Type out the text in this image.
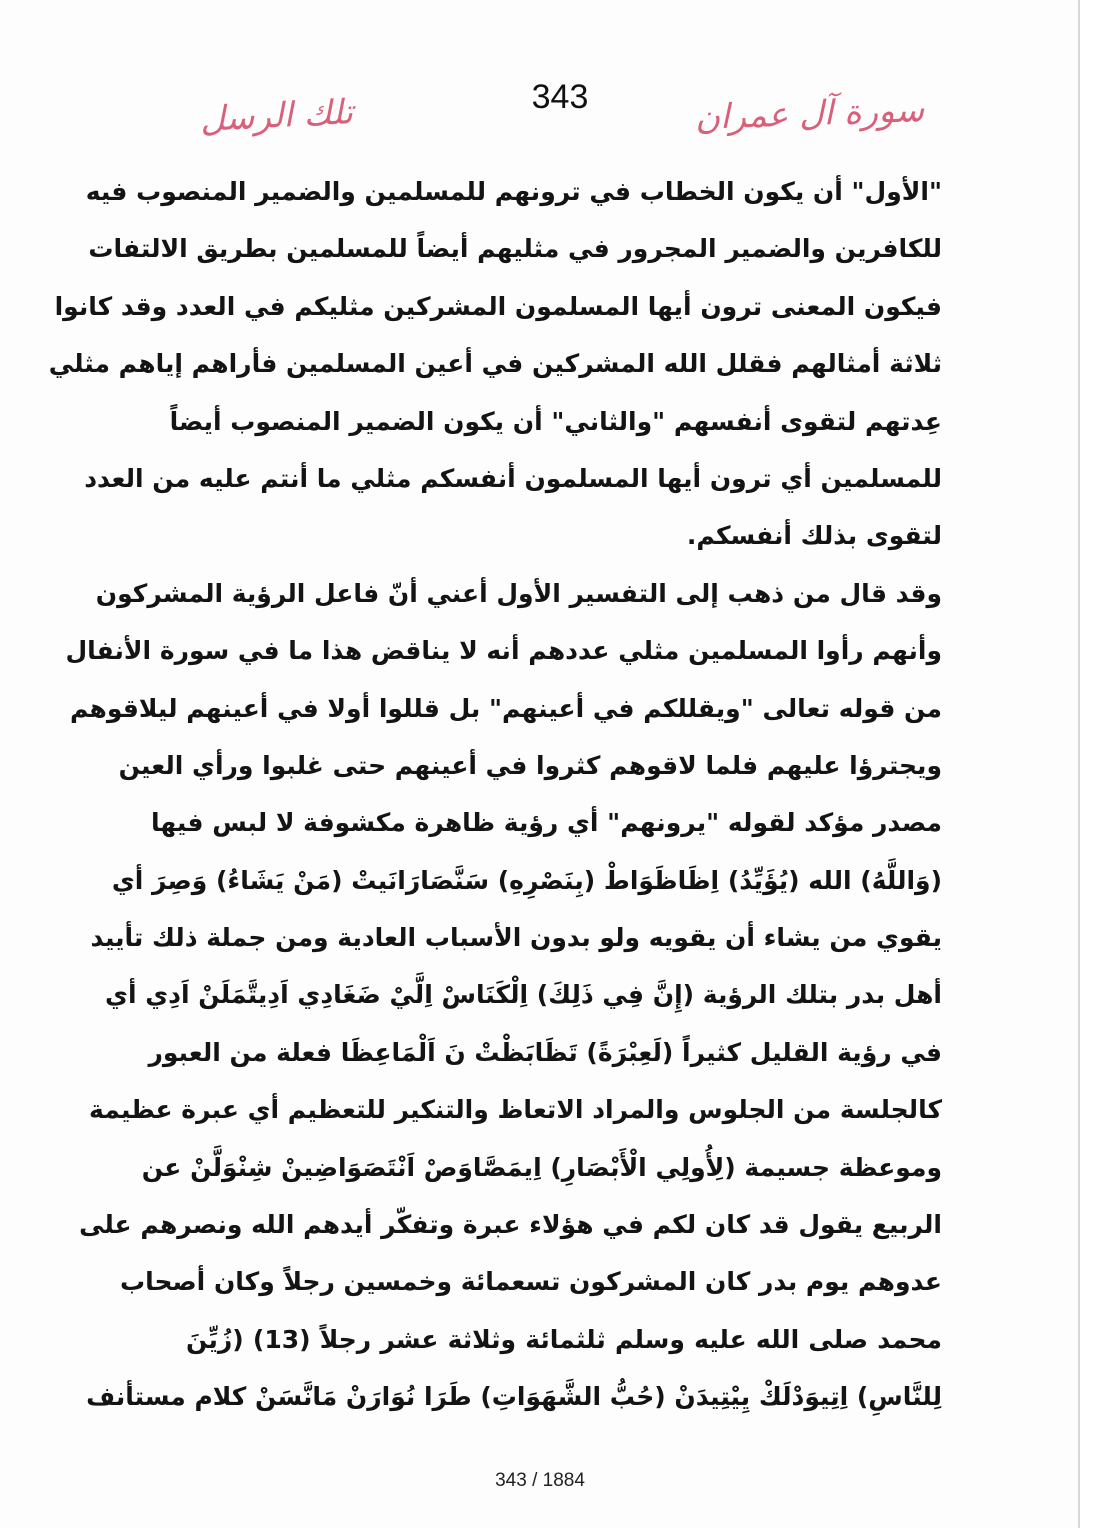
تلك الرسل	343	سورة آل عمران
"الأول" أن يكون الخطاب في ترونهم للمسلمين والضمير المنصوب فيه
للكافرين والضمير المجرور في مثليهم أيضاً للمسلمين بطريق الالتفات
فيكون المعنى ترون أيها المسلمون المشركين مثليكم في العدد وقد كانوا
ثلاثة أمثالهم فقلل الله المشركين في أعين المسلمين فأراهم إياهم مثلي
عِدتهم لتقوى أنفسهم "والثاني" أن يكون الضمير المنصوب أيضاً
للمسلمين أي ترون أيها المسلمون أنفسكم مثلي ما أنتم عليه من العدد
لتقوى بذلك أنفسكم.
وقد قال من ذهب إلى التفسير الأول أعني أنّ فاعل الرؤية المشركون
وأنهم رأوا المسلمين مثلي عددهم أنه لا يناقض هذا ما في سورة الأنفال
من قوله تعالى "ويقللكم في أعينهم" بل قللوا أولا في أعينهم ليلاقوهم
ويجترؤا عليهم فلما لاقوهم كثروا في أعينهم حتى غلبوا ورأي العين
مصدر مؤكد لقوله "يرونهم" أي رؤية ظاهرة مكشوفة لا لبس فيها
(وَاللَّهُ) الله (يُؤَيِّدُ) اِظَاظَوَاطْ (بِنَصْرِهِ) سَنَّصَارَانَيتْ (مَنْ يَشَاءُ) وَصِرَ أي
يقوي من يشاء أن يقويه ولو بدون الأسباب العادية ومن جملة ذلك تأييد
أهل بدر بتلك الرؤية (إِنَّ فِي ذَلِكَ) اِلْكَنَاسْ اِلَّيْ ضَغَادِي اَدِيتَّمَلَنْ اَدِي أي
في رؤية القليل كثيراً (لَعِبْرَةً) تَظَابَظْتْ نَ اَلْمَاعِظَا فعلة من العبور
كالجلسة من الجلوس والمراد الاتعاظ والتنكير للتعظيم أي عبرة عظيمة
وموعظة جسيمة (لِأُولِي الْأَبْصَارِ) اِيمَصَّاوَصْ اَنْتَصَوَاضِينْ شِنْوَلَّنْ عن
الربيع يقول قد كان لكم في هؤلاء عبرة وتفكّر أيدهم الله ونصرهم على
عدوهم يوم بدر كان المشركون تسعمائة وخمسين رجلاً وكان أصحاب
محمد صلى الله عليه وسلم ثلثمائة وثلاثة عشر رجلاً (13) (زُيِّنَ
لِلنَّاسِ) اِتِيوَدْلَكْ يِيْتِيدَنْ (حُبُّ الشَّهَوَاتِ) طَرَا نُوَارَنْ مَانَّسَنْ كلام مستأنف
343 / 1884
